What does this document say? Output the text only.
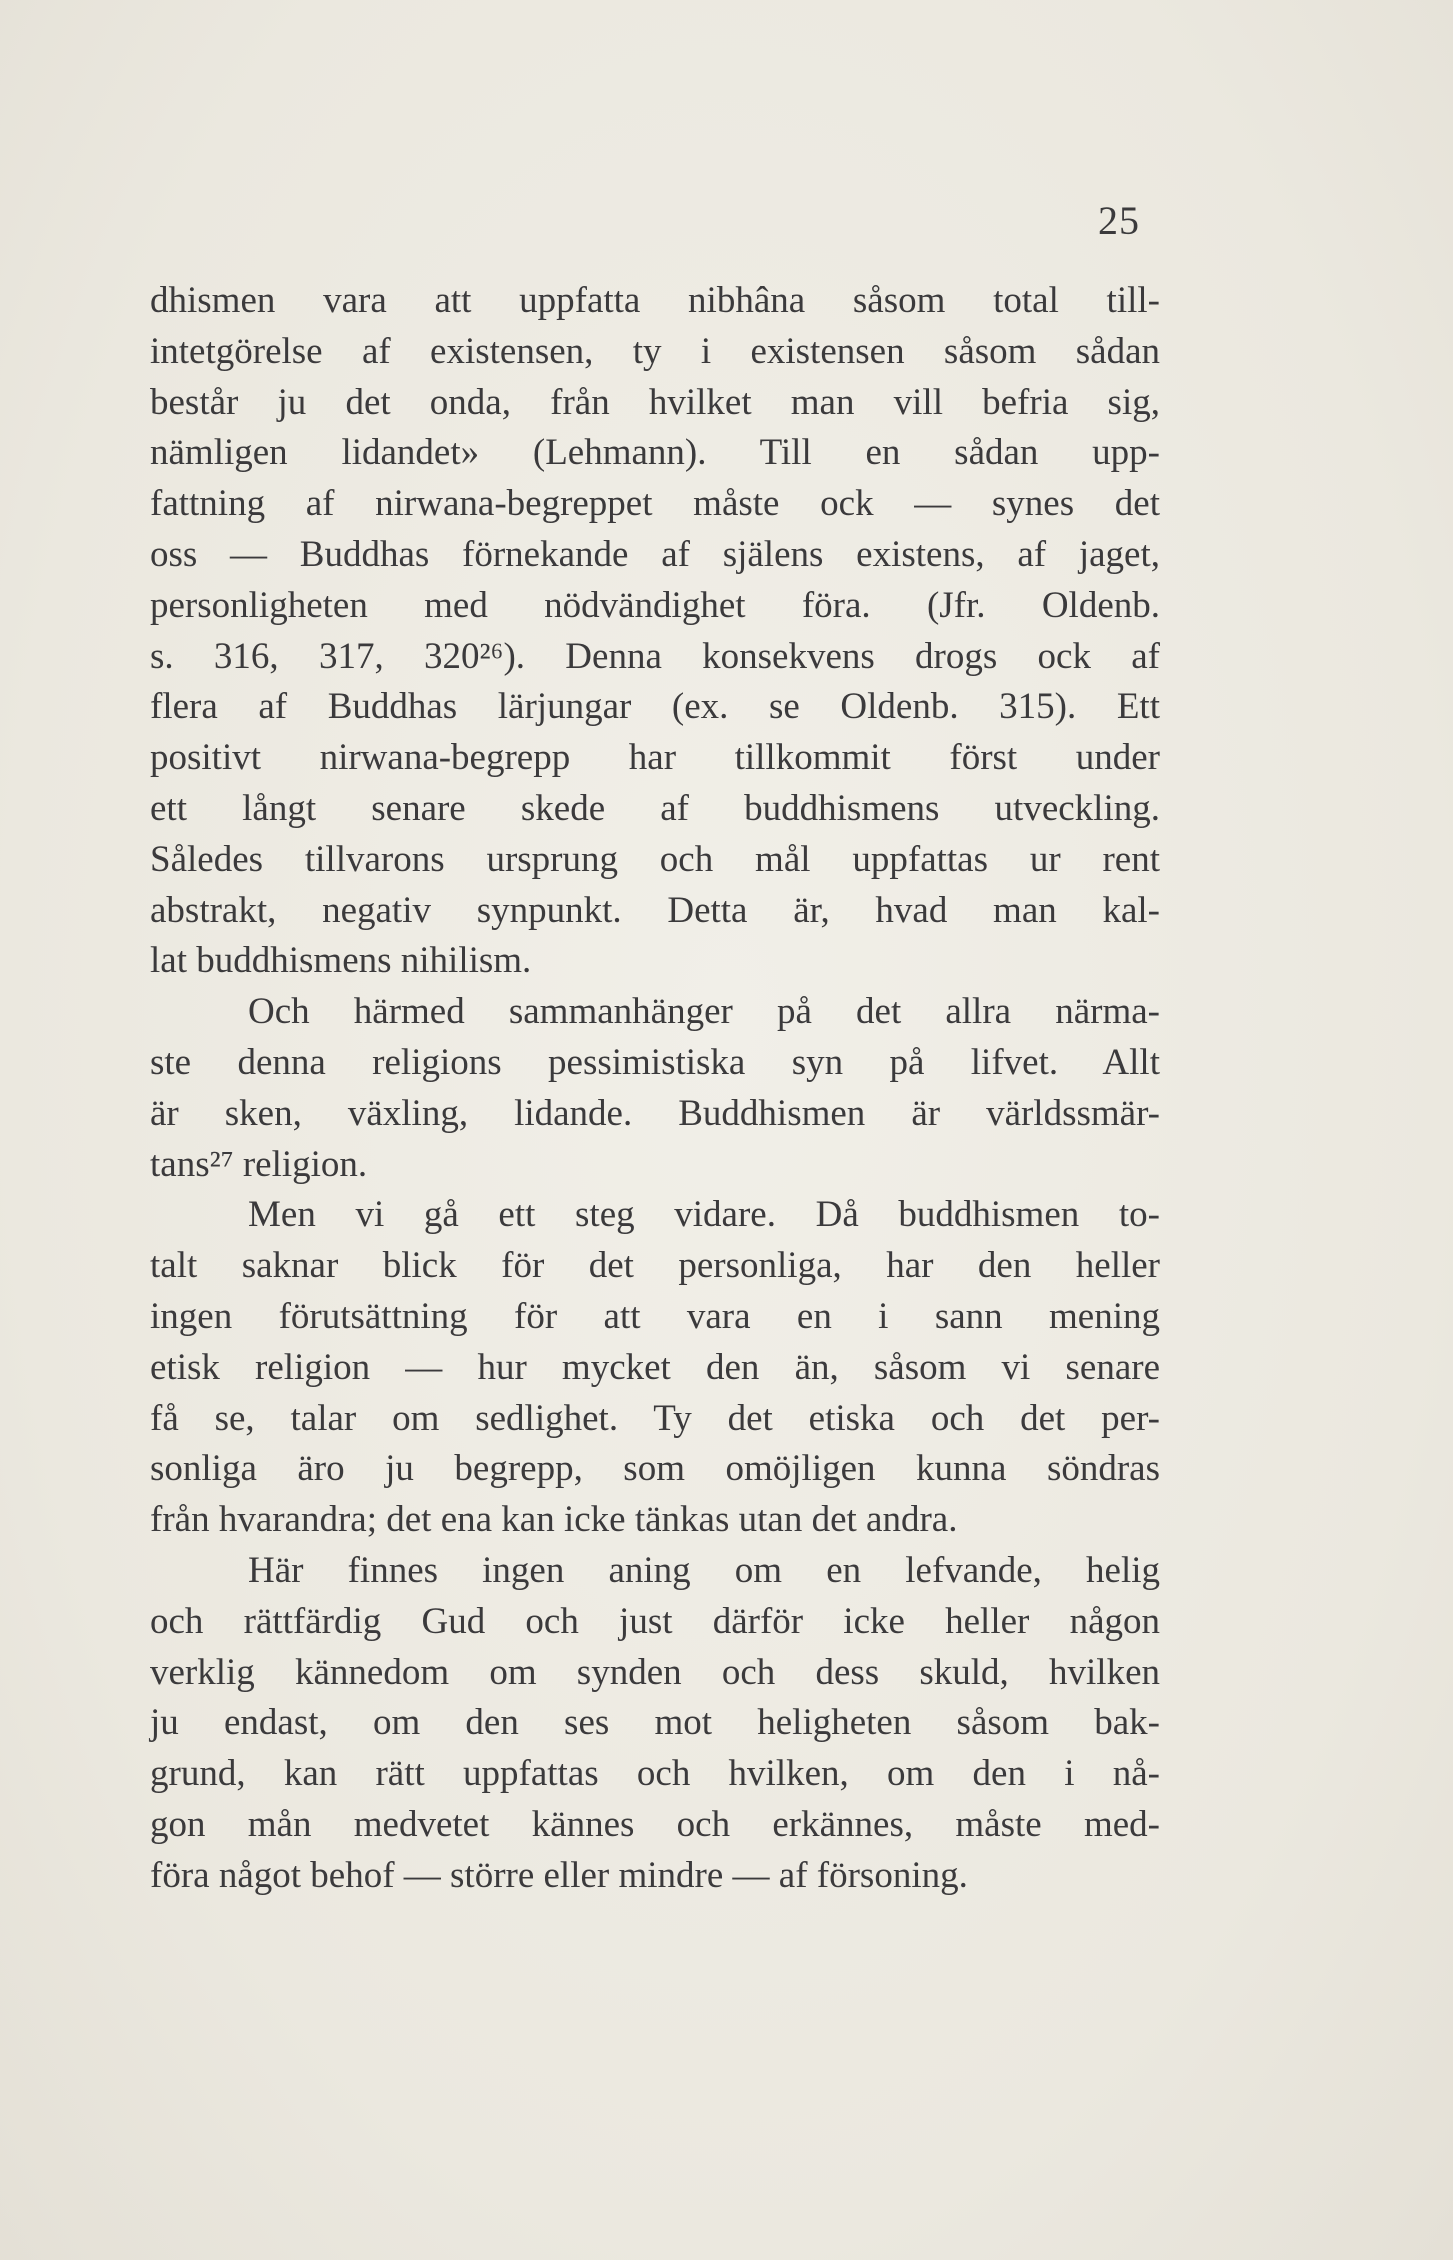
25
dhismen vara att uppfatta nibhâna såsom total till-
intetgörelse af existensen, ty i existensen såsom sådan
består ju det onda, från hvilket man vill befria sig,
nämligen lidandet» (Lehmann). Till en sådan upp-
fattning af nirwana-begreppet måste ock — synes det
oss — Buddhas förnekande af själens existens, af jaget,
personligheten med nödvändighet föra. (Jfr. Oldenb.
s. 316, 317, 320²⁶). Denna konsekvens drogs ock af
flera af Buddhas lärjungar (ex. se Oldenb. 315). Ett
positivt nirwana-begrepp har tillkommit först under
ett långt senare skede af buddhismens utveckling.
Således tillvarons ursprung och mål uppfattas ur rent
abstrakt, negativ synpunkt. Detta är, hvad man kal-
lat buddhismens nihilism.
Och härmed sammanhänger på det allra närma-
ste denna religions pessimistiska syn på lifvet. Allt
är sken, växling, lidande. Buddhismen är världssmär-
tans²⁷ religion.
Men vi gå ett steg vidare. Då buddhismen to-
talt saknar blick för det personliga, har den heller
ingen förutsättning för att vara en i sann mening
etisk religion — hur mycket den än, såsom vi senare
få se, talar om sedlighet. Ty det etiska och det per-
sonliga äro ju begrepp, som omöjligen kunna söndras
från hvarandra; det ena kan icke tänkas utan det andra.
Här finnes ingen aning om en lefvande, helig
och rättfärdig Gud och just därför icke heller någon
verklig kännedom om synden och dess skuld, hvilken
ju endast, om den ses mot heligheten såsom bak-
grund, kan rätt uppfattas och hvilken, om den i nå-
gon mån medvetet kännes och erkännes, måste med-
föra något behof — större eller mindre — af försoning.
